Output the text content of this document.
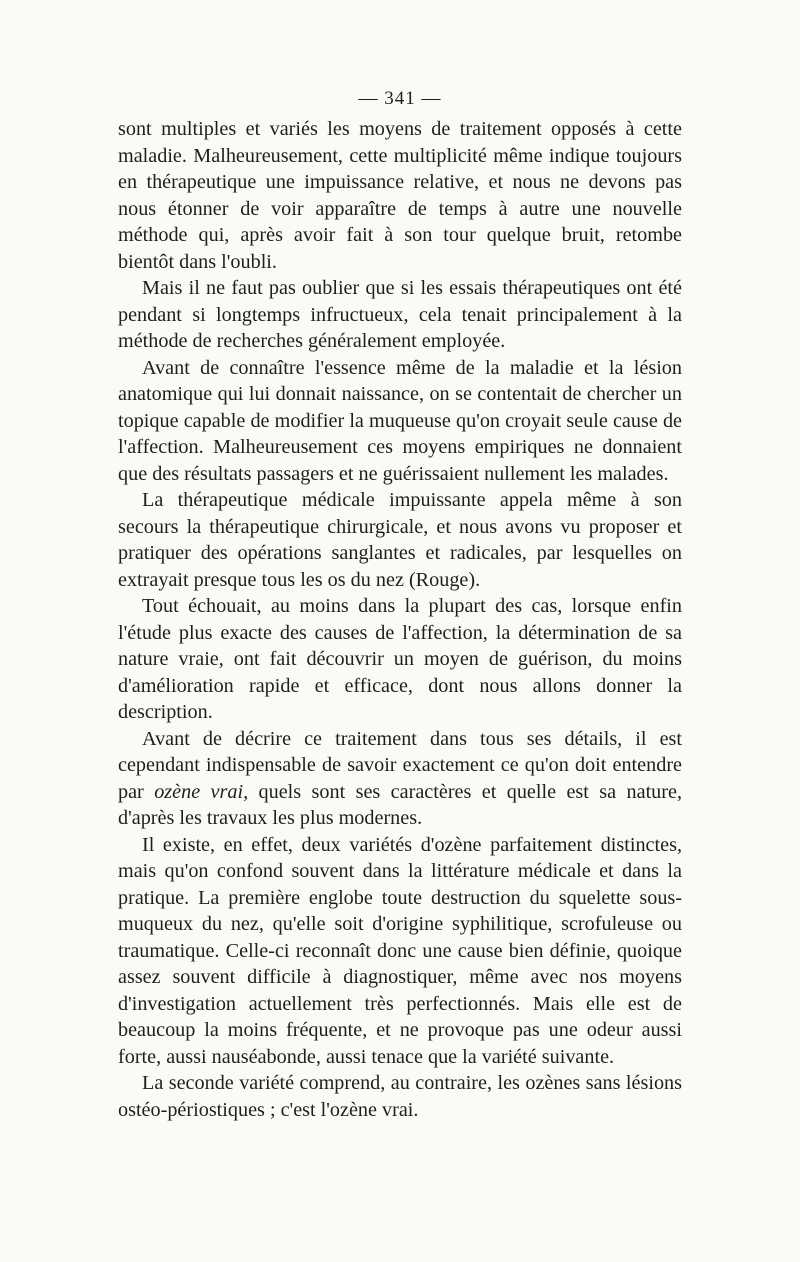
— 341 —

sont multiples et variés les moyens de traitement opposés à cette maladie. Malheureusement, cette multiplicité même indique toujours en thérapeutique une impuissance relative, et nous ne devons pas nous étonner de voir apparaître de temps à autre une nouvelle méthode qui, après avoir fait à son tour quelque bruit, retombe bientôt dans l'oubli.

Mais il ne faut pas oublier que si les essais thérapeutiques ont été pendant si longtemps infructueux, cela tenait principalement à la méthode de recherches généralement employée.

Avant de connaître l'essence même de la maladie et la lésion anatomique qui lui donnait naissance, on se contentait de chercher un topique capable de modifier la muqueuse qu'on croyait seule cause de l'affection. Malheureusement ces moyens empiriques ne donnaient que des résultats passagers et ne guérissaient nullement les malades.

La thérapeutique médicale impuissante appela même à son secours la thérapeutique chirurgicale, et nous avons vu proposer et pratiquer des opérations sanglantes et radicales, par lesquelles on extrayait presque tous les os du nez (Rouge).

Tout échouait, au moins dans la plupart des cas, lorsque enfin l'étude plus exacte des causes de l'affection, la détermination de sa nature vraie, ont fait découvrir un moyen de guérison, du moins d'amélioration rapide et efficace, dont nous allons donner la description.

Avant de décrire ce traitement dans tous ses détails, il est cependant indispensable de savoir exactement ce qu'on doit entendre par ozène vrai, quels sont ses caractères et quelle est sa nature, d'après les travaux les plus modernes.

Il existe, en effet, deux variétés d'ozène parfaitement distinctes, mais qu'on confond souvent dans la littérature médicale et dans la pratique. La première englobe toute destruction du squelette sous-muqueux du nez, qu'elle soit d'origine syphilitique, scrofuleuse ou traumatique. Celle-ci reconnaît donc une cause bien définie, quoique assez souvent difficile à diagnostiquer, même avec nos moyens d'investigation actuellement très perfectionnés. Mais elle est de beaucoup la moins fréquente, et ne provoque pas une odeur aussi forte, aussi nauséabonde, aussi tenace que la variété suivante.

La seconde variété comprend, au contraire, les ozènes sans lésions ostéo-périostiques ; c'est l'ozène vrai.
